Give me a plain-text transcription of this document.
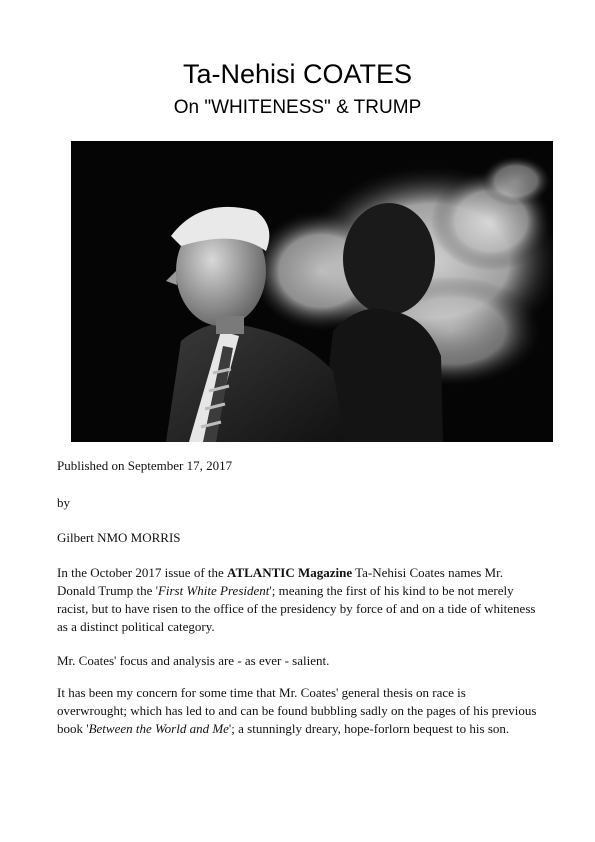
Ta-Nehisi COATES
On "WHITENESS" & TRUMP

Published on September 17, 2017

by

Gilbert NMO MORRIS

In the October 2017 issue of the ATLANTIC Magazine Ta-Nehisi Coates names Mr. Donald Trump the 'First White President'; meaning the first of his kind to be not merely racist, but to have risen to the office of the presidency by force of and on a tide of whiteness as a distinct political category.

Mr. Coates' focus and analysis are - as ever - salient.

It has been my concern for some time that Mr. Coates' general thesis on race is overwrought; which has led to and can be found bubbling sadly on the pages of his previous book 'Between the World and Me'; a stunningly dreary, hope-forlorn bequest to his son.
